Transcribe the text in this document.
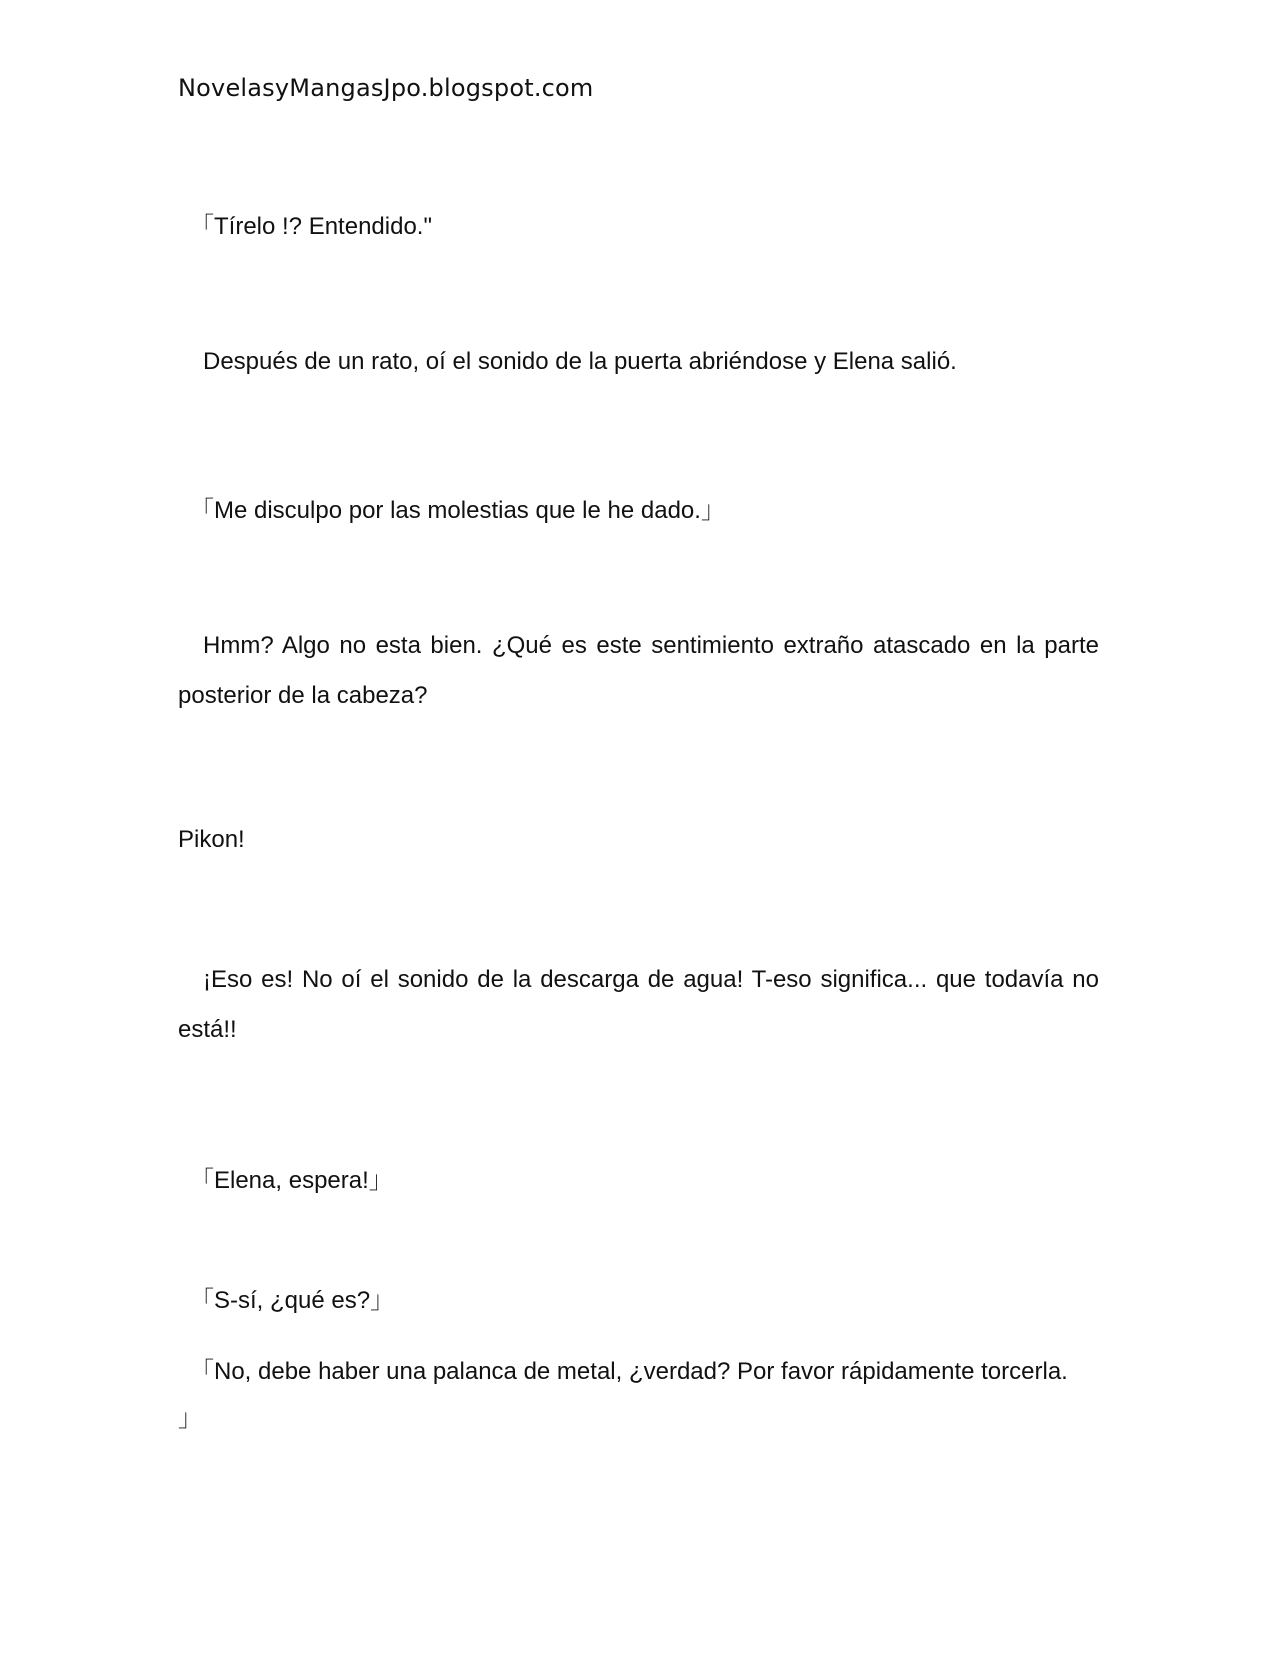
NovelasyMangasJpo.blogspot.com
「Tírelo !? Entendido."
Después de un rato, oí el sonido de la puerta abriéndose y Elena salió.
「Me disculpo por las molestias que le he dado.」
Hmm? Algo no esta bien. ¿Qué es este sentimiento extraño atascado en la parte posterior de la cabeza?
Pikon!
¡Eso es! No oí el sonido de la descarga de agua! T-eso significa... que todavía no está!!
「Elena, espera!」
「S-sí, ¿qué es?」
「No, debe haber una palanca de metal, ¿verdad? Por favor rápidamente torcerla.
」
